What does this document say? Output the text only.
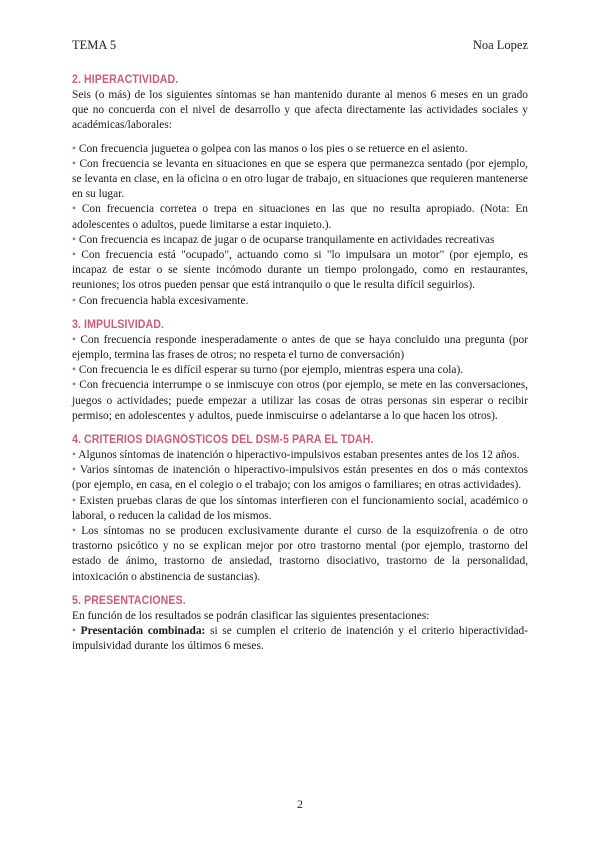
TEMA 5	Noa Lopez
2. HIPERACTIVIDAD.

Seis (o más) de los siguientes síntomas se han mantenido durante al menos 6 meses en un grado que no concuerda con el nivel de desarrollo y que afecta directamente las actividades sociales y académicas/laborales:

• Con frecuencia juguetea o golpea con las manos o los pies o se retuerce en el asiento.

• Con frecuencia se levanta en situaciones en que se espera que permanezca sentado (por ejemplo, se levanta en clase, en la oficina o en otro lugar de trabajo, en situaciones que requieren mantenerse en su lugar.

• Con frecuencia corretea o trepa en situaciones en las que no resulta apropiado. (Nota: En adolescentes o adultos, puede limitarse a estar inquieto.).

• Con frecuencia es incapaz de jugar o de ocuparse tranquilamente en actividades recreativas

• Con frecuencia está "ocupado", actuando como si "lo impulsara un motor" (por ejemplo, es incapaz de estar o se siente incómodo durante un tiempo prolongado, como en restaurantes, reuniones; los otros pueden pensar que está intranquilo o que le resulta difícil seguirlos).

• Con frecuencia habla excesivamente.

3. IMPULSIVIDAD.

• Con frecuencia responde inesperadamente o antes de que se haya concluido una pregunta (por ejemplo, termina las frases de otros; no respeta el turno de conversación)

• Con frecuencia le es difícil esperar su turno (por ejemplo, mientras espera una cola).

• Con frecuencia interrumpe o se inmiscuye con otros (por ejemplo, se mete en las conversaciones, juegos o actividades; puede empezar a utilizar las cosas de otras personas sin esperar o recibir permiso; en adolescentes y adultos, puede inmiscuirse o adelantarse a lo que hacen los otros).

4. CRITERIOS DIAGNÓSTICOS DEL DSM-5 PARA EL TDAH.

• Algunos síntomas de inatención o hiperactivo-impulsivos estaban presentes antes de los 12 años.

• Varios síntomas de inatención o hiperactivo-impulsivos están presentes en dos o más contextos (por ejemplo, en casa, en el colegio o el trabajo; con los amigos o familiares; en otras actividades).

• Existen pruebas claras de que los síntomas interfieren con el funcionamiento social, académico o laboral, o reducen la calidad de los mismos.

• Los síntomas no se producen exclusivamente durante el curso de la esquizofrenia o de otro trastorno psicótico y no se explican mejor por otro trastorno mental (por ejemplo, trastorno del estado de ánimo, trastorno de ansiedad, trastorno disociativo, trastorno de la personalidad, intoxicación o abstinencia de sustancias).

5. PRESENTACIONES.

En función de los resultados se podrán clasificar las siguientes presentaciones:

• Presentación combinada: si se cumplen el criterio de inatención y el criterio hiperactividad-impulsividad durante los últimos 6 meses.

2
